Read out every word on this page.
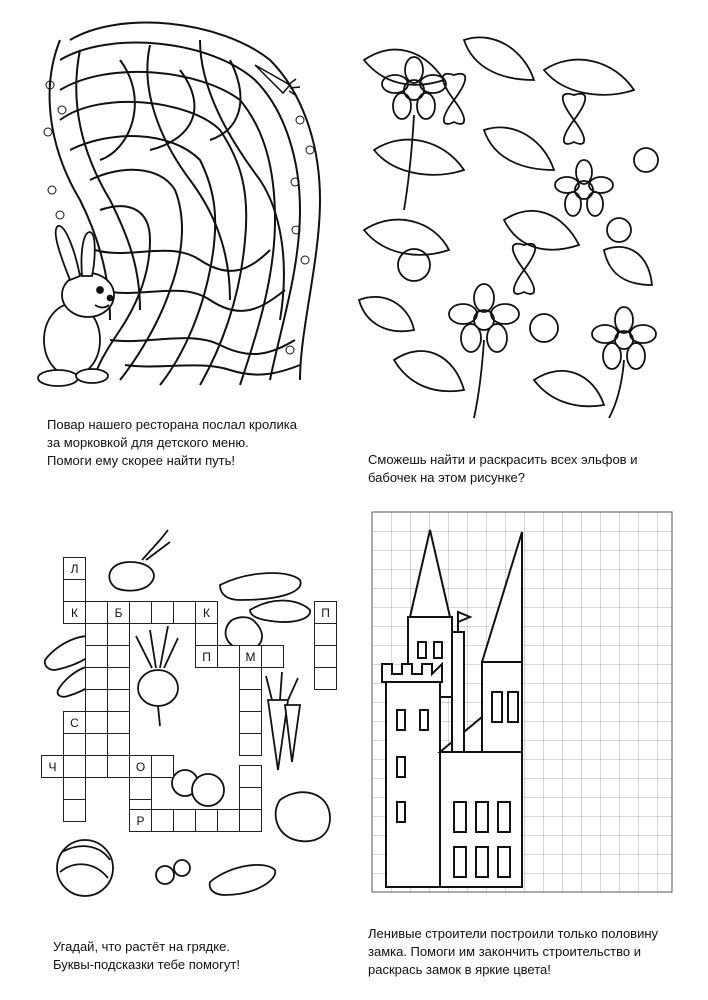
Повар нашего ресторана послал кролика

за морковкой для детского меню.

Помоги ему скорее найти путь!	Сможешь найти и раскрасить всех эльфов и

бабочек на этом рисунке?

Л
К	Б	К	П
П	М
С
Ч	О
Р

Угадай, что растёт на грядке.

Буквы-подсказки тебе помогут!

Ленивые строители построили только половину

замка. Помоги им закончить строительство и

раскрась замок в яркие цвета!
